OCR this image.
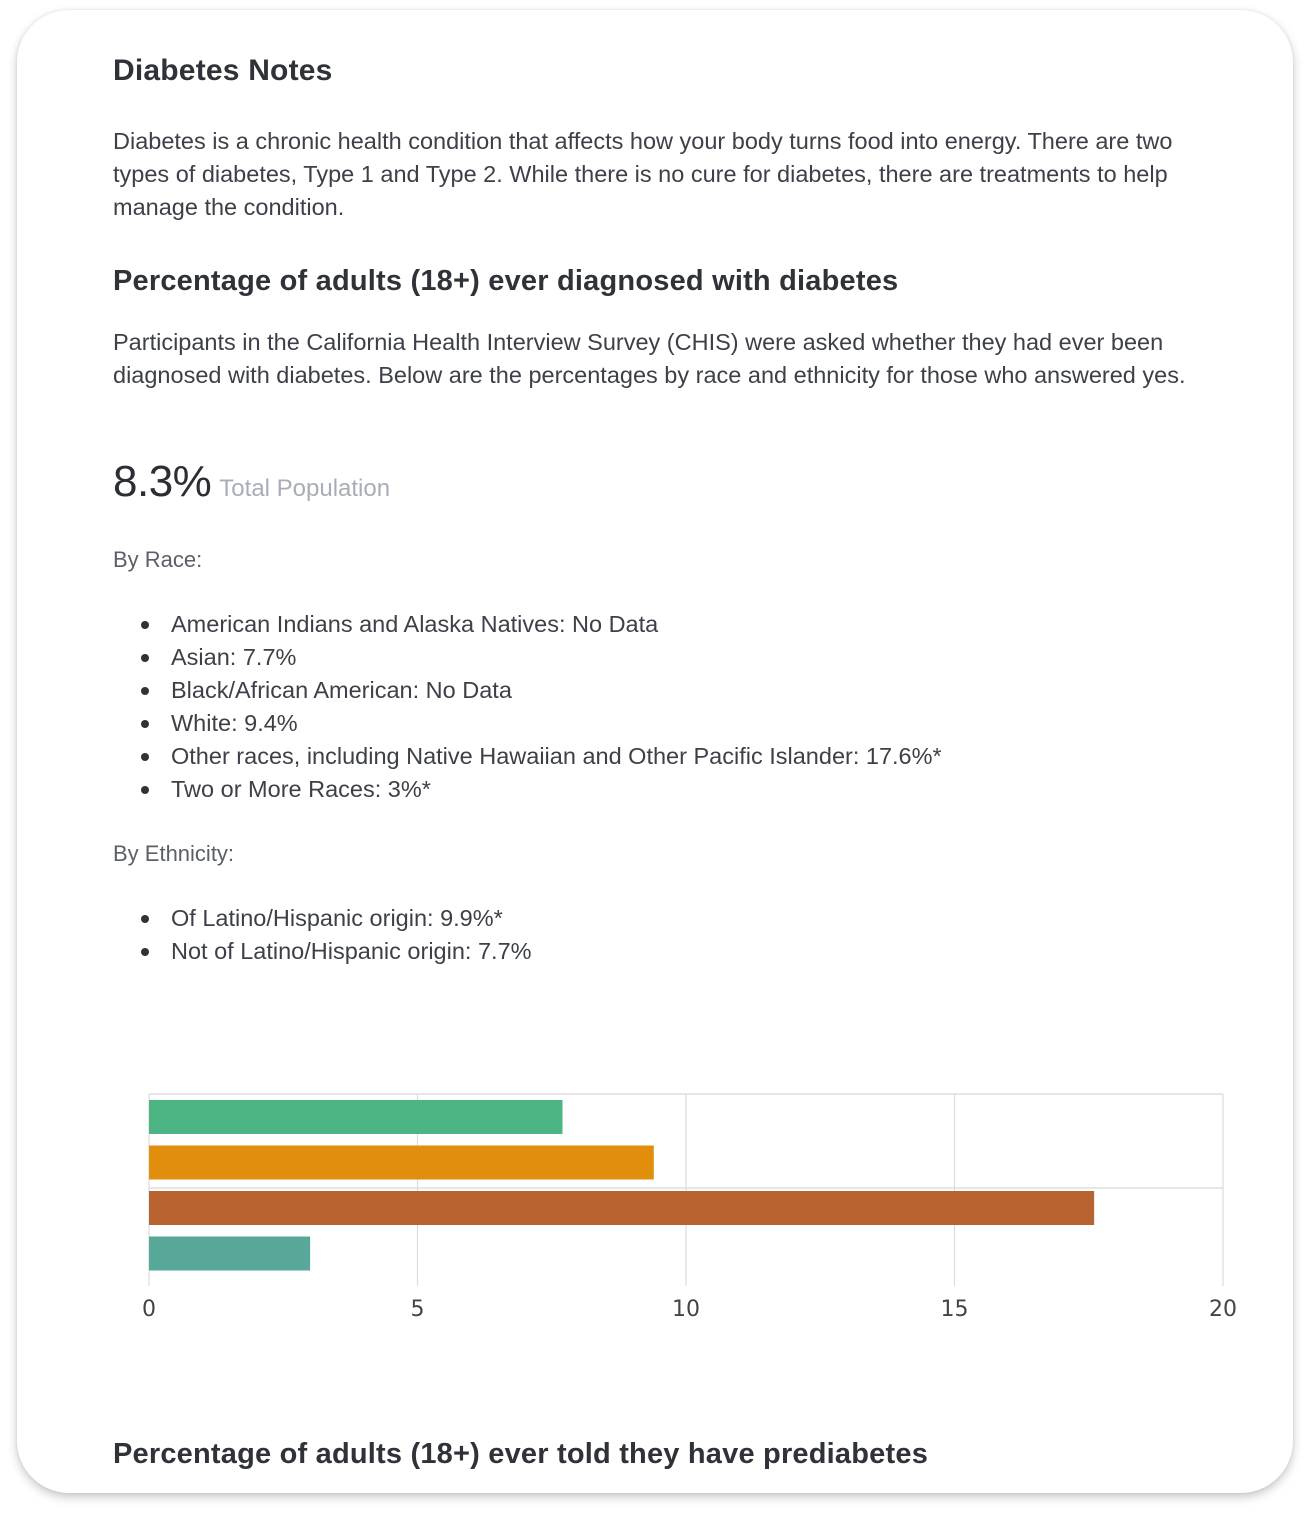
Diabetes Notes

Diabetes is a chronic health condition that affects how your body turns food into energy. There are two types of diabetes, Type 1 and Type 2. While there is no cure for diabetes, there are treatments to help manage the condition.

Percentage of adults (18+) ever diagnosed with diabetes

Participants in the California Health Interview Survey (CHIS) were asked whether they had ever been diagnosed with diabetes. Below are the percentages by race and ethnicity for those who answered yes.

8.3% Total Population

By Race:

American Indians and Alaska Natives: No Data
Asian: 7.7%
Black/African American: No Data
White: 9.4%
Other races, including Native Hawaiian and Other Pacific Islander: 17.6%*
Two or More Races: 3%*

By Ethnicity:

Of Latino/Hispanic origin: 9.9%*
Not of Latino/Hispanic origin: 7.7%
0	5	10	15	20
Percentage of adults (18+) ever told they have prediabetes
